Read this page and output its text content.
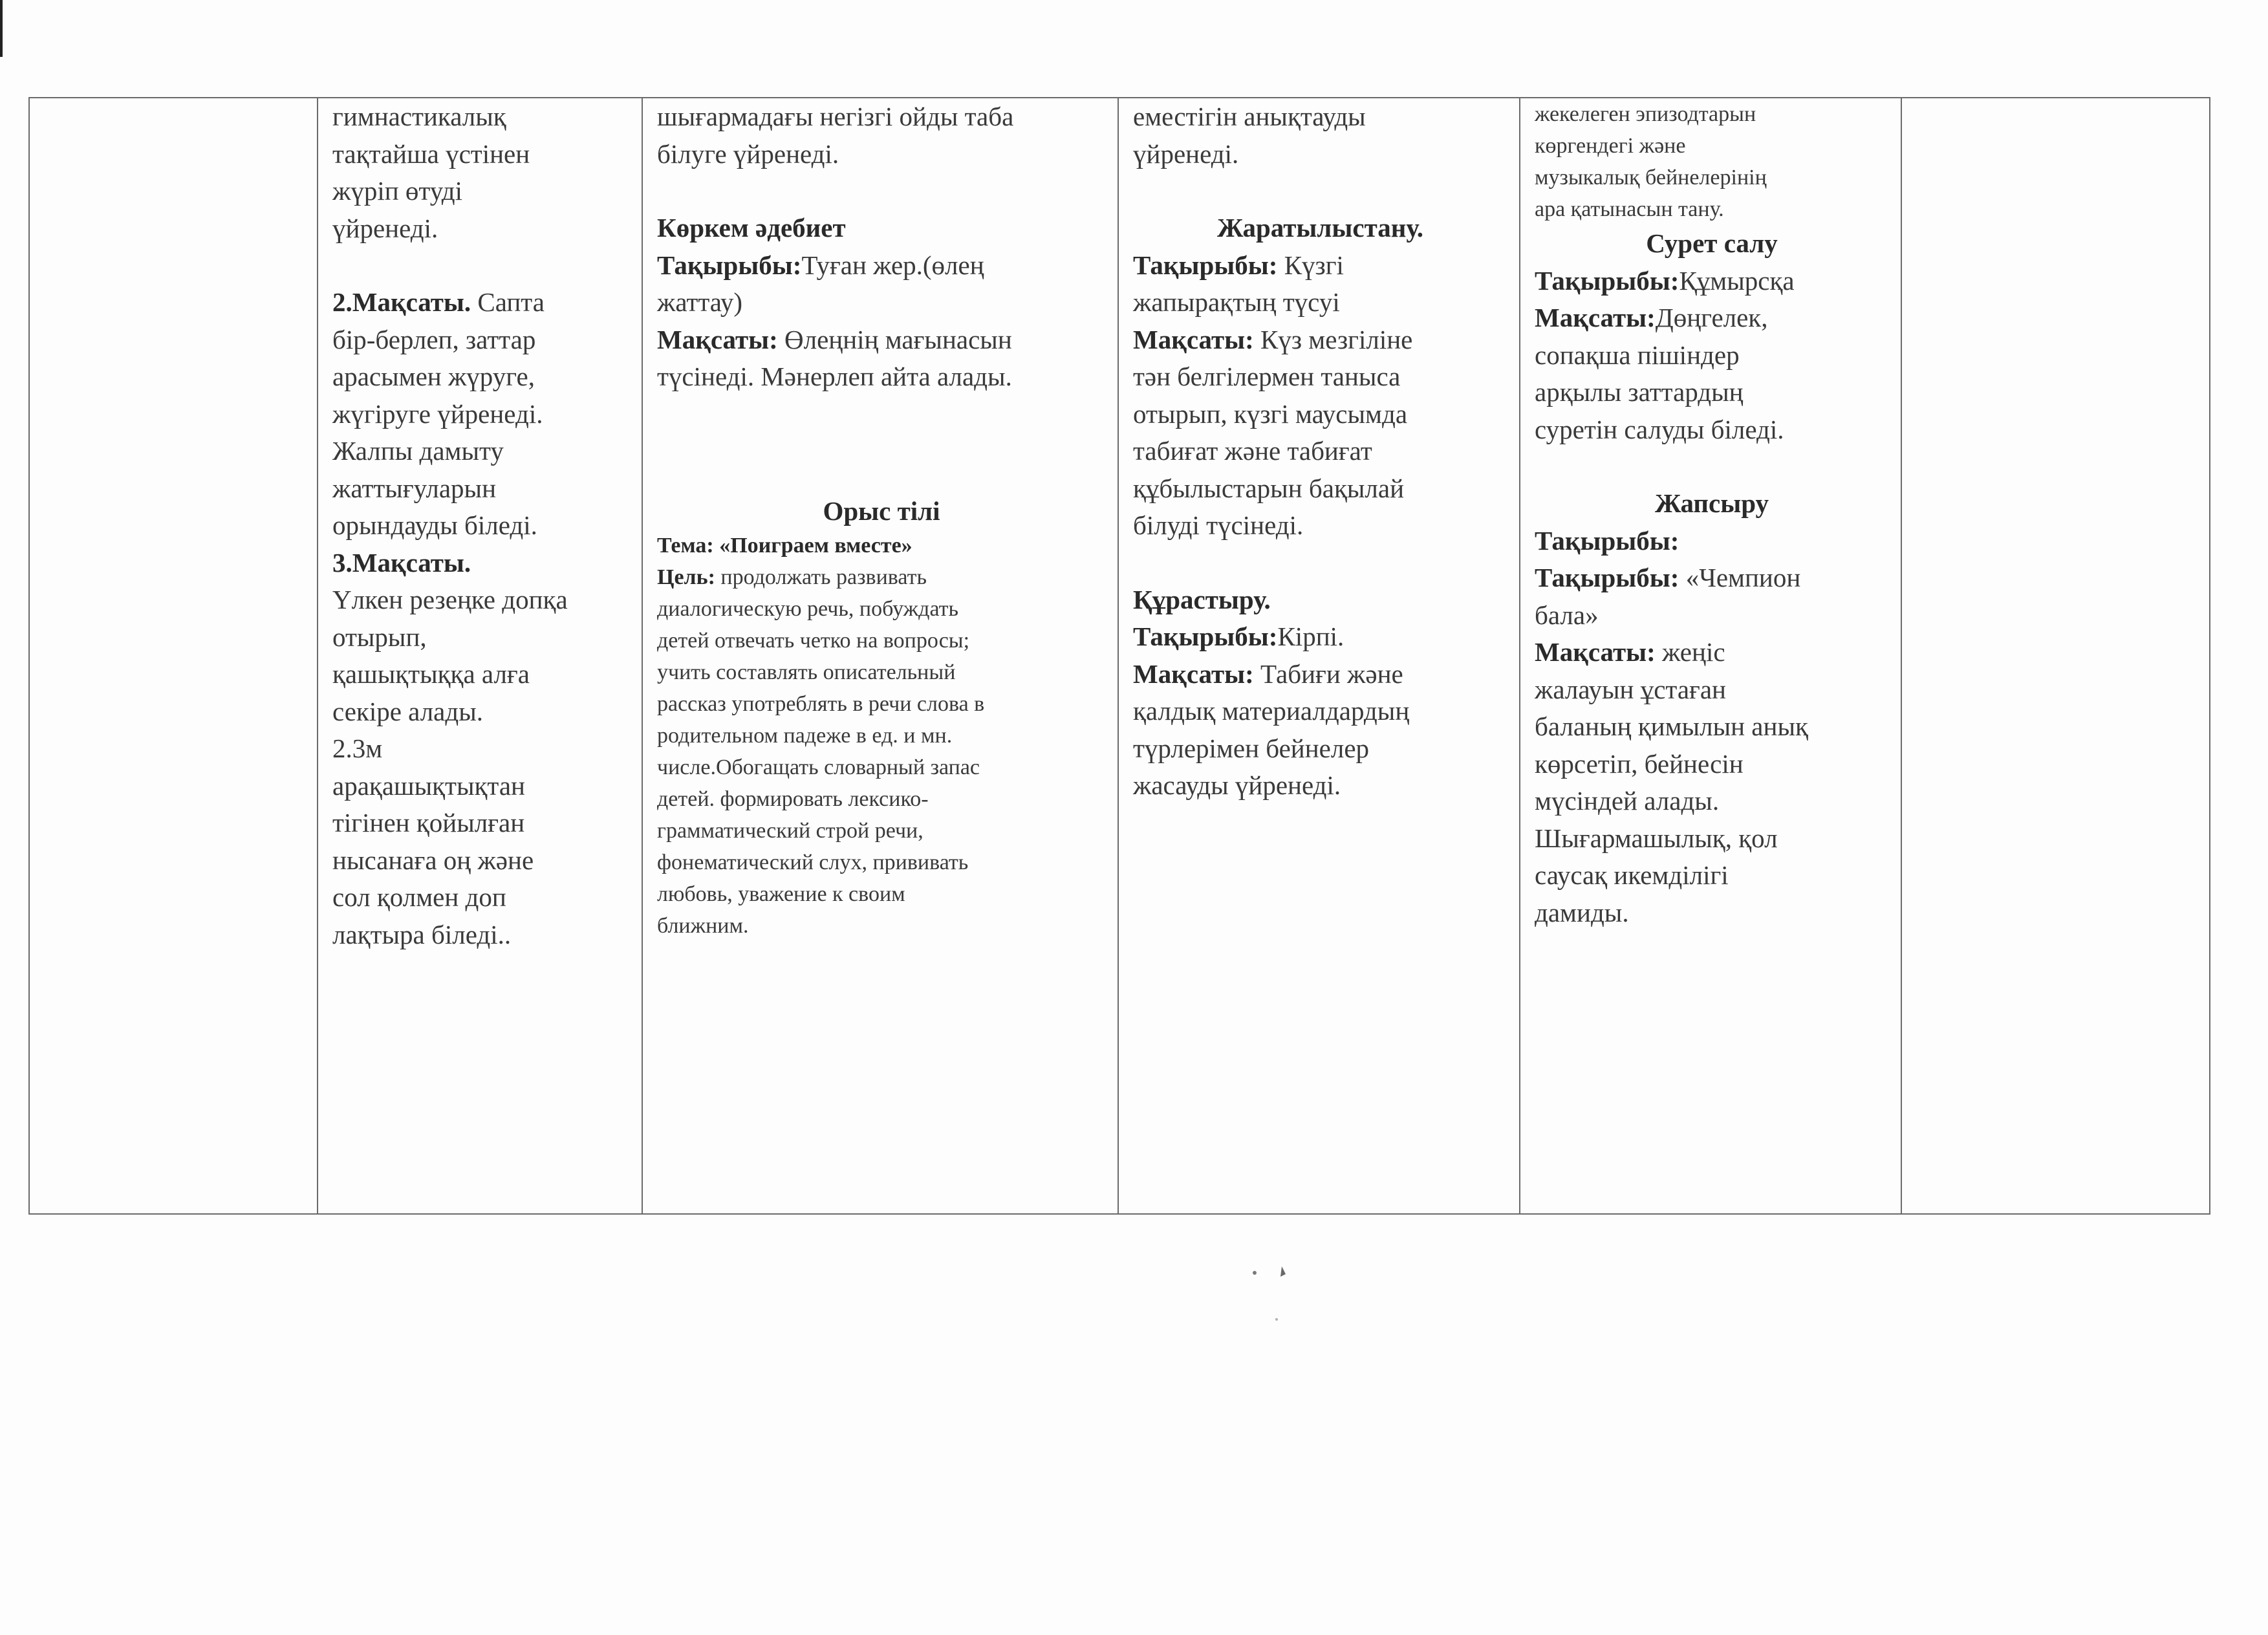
гимнастикалық
тақтайша үстінен
жүріп өтуді
үйренеді.
2.Мақсаты. Сапта
бір-берлеп, заттар
арасымен жүруге,
жүгіруге үйренеді.
Жалпы дамыту
жаттығуларын
орындауды біледі.
3.Мақсаты.
Үлкен резеңке допқа
отырып,
қашықтыққа алға
секіре алады.
2.3м
арақашықтықтан
тігінен қойылған
нысанаға оң және
сол қолмен доп
лақтыра біледі..

шығармадағы негізгі ойды таба
білуге үйренеді.
Көркем әдебиет
Тақырыбы:Туған жер.(өлең
жаттау)
Мақсаты: Өлеңнің мағынасын
түсінеді. Мәнерлеп айта алады.
Орыс тілі
Тема: «Поиграем вместе»
Цель: продолжать развивать
диалогическую речь, побуждать
детей отвечать четко на вопросы;
учить составлять описательный
рассказ употреблять в речи слова в
родительном падеже в ед. и мн.
числе.Обогащать словарный запас
детей. формировать лексико-
грамматический строй речи,
фонематический слух, прививать
любовь, уважение к своим
ближним.

еместігін анықтауды
үйренеді.
Жаратылыстану.
Тақырыбы: Күзгі
жапырақтың түсуі
Мақсаты: Күз мезгіліне
тән белгілермен таныса
отырып, күзгі маусымда
табиғат және табиғат
құбылыстарын бақылай
білуді түсінеді.
Құрастыру.
Тақырыбы:Кірпі.
Мақсаты: Табиғи және
қалдық материалдардың
түрлерімен бейнелер
жасауды үйренеді.

жекелеген эпизодтарын
көргендегі және
музыкалық бейнелерінің
ара қатынасын тану.
Сурет салу
Тақырыбы:Құмырсқа
Мақсаты:Дөңгелек,
сопақша пішіндер
арқылы заттардың
суретін салуды біледі.
Жапсыру
Тақырыбы:
Тақырыбы: «Чемпион
бала»
Мақсаты: жеңіс
жалауын ұстаған
баланың қимылын анық
көрсетіп, бейнесін
мүсіндей алады.
Шығармашылық, қол
саусақ икемділігі
дамиды.
